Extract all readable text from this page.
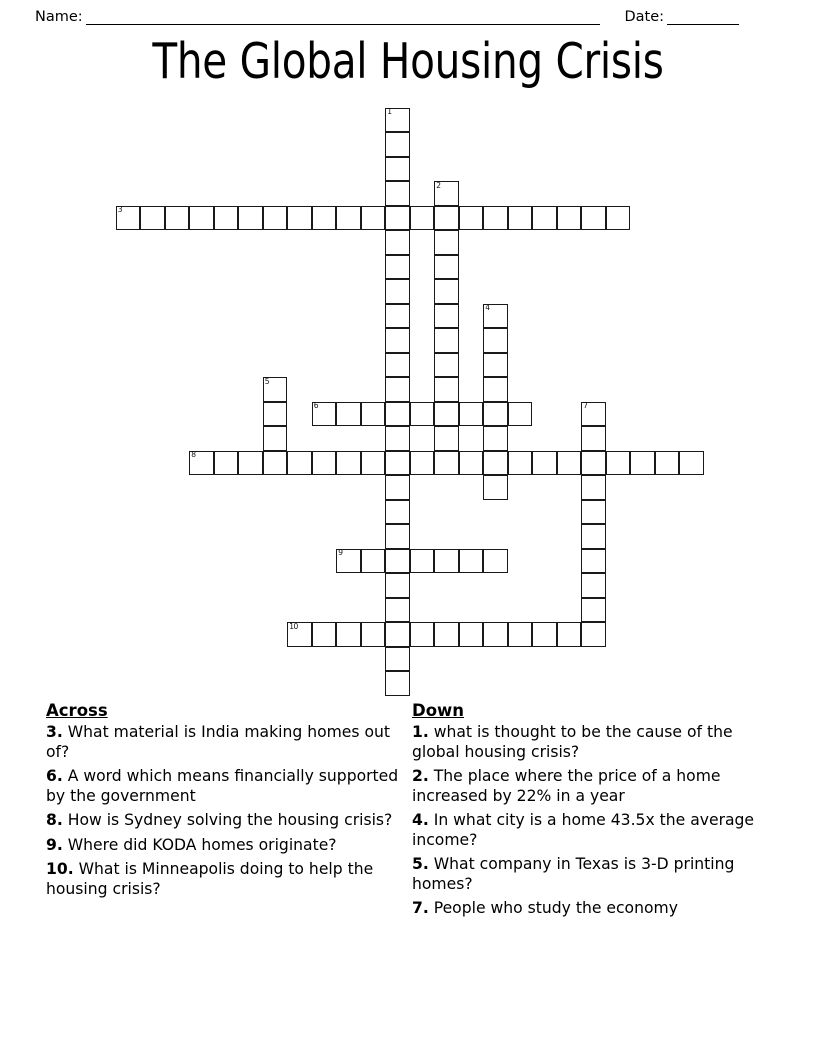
Name:	Date:
The Global Housing Crisis
1
2
3
4
5
6	7
8
9
10
Across
3. What material is India making homes out of?
6. A word which means financially supported by the government
8. How is Sydney solving the housing crisis?
9. Where did KODA homes originate?
10. What is Minneapolis doing to help the housing crisis?
Down
1. what is thought to be the cause of the global housing crisis?
2. The place where the price of a home increased by 22% in a year
4. In what city is a home 43.5x the average income?
5. What company in Texas is 3-D printing homes?
7. People who study the economy
